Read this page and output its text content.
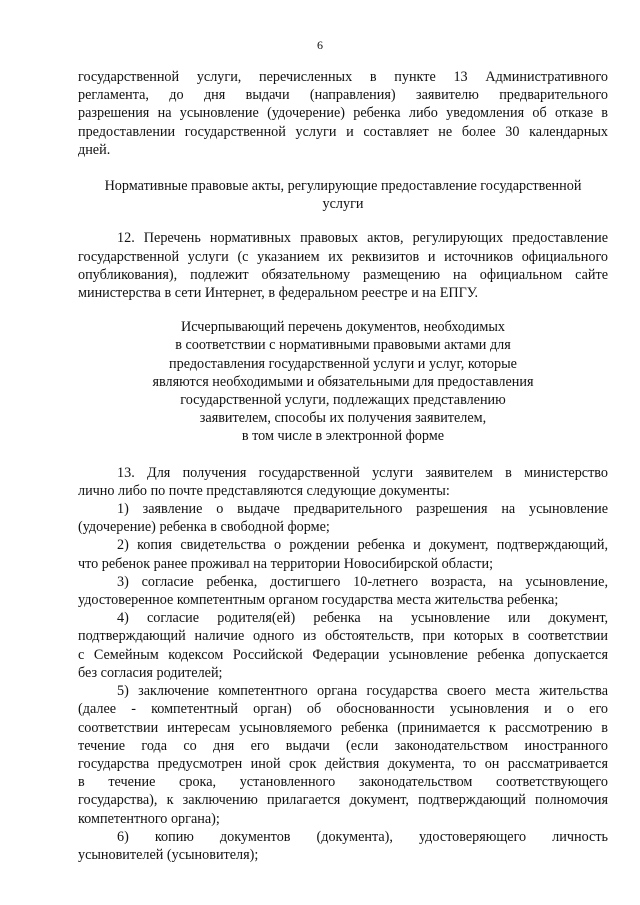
6

государственной услуги, перечисленных в пункте 13 Административного

регламента, до дня выдачи (направления) заявителю предварительного

разрешения на усыновление (удочерение) ребенка либо уведомления об отказе в

предоставлении государственной услуги и составляет не более 30 календарных

дней.

Нормативные правовые акты, регулирующие предоставление государственной

услуги

12. Перечень нормативных правовых актов, регулирующих предоставление

государственной услуги (с указанием их реквизитов и источников официального

опубликования), подлежит обязательному размещению на официальном сайте

министерства в сети Интернет, в федеральном реестре и на ЕПГУ.

Исчерпывающий перечень документов, необходимых

в соответствии с нормативными правовыми актами для

предоставления государственной услуги и услуг, которые

являются необходимыми и обязательными для предоставления

государственной услуги, подлежащих представлению

заявителем, способы их получения заявителем,

в том числе в электронной форме

13. Для получения государственной услуги заявителем в министерство

лично либо по почте представляются следующие документы:

1) заявление о выдаче предварительного разрешения на усыновление

(удочерение) ребенка в свободной форме;

2) копия свидетельства о рождении ребенка и документ, подтверждающий,

что ребенок ранее проживал на территории Новосибирской области;

3) согласие ребенка, достигшего 10-летнего возраста, на усыновление,

удостоверенное компетентным органом государства места жительства ребенка;

4) согласие родителя(ей) ребенка на усыновление или документ,

подтверждающий наличие одного из обстоятельств, при которых в соответствии

с Семейным кодексом Российской Федерации усыновление ребенка допускается

без согласия родителей;

5) заключение компетентного органа государства своего места жительства

(далее - компетентный орган) об обоснованности усыновления и о его

соответствии интересам усыновляемого ребенка (принимается к рассмотрению в

течение года со дня его выдачи (если законодательством иностранного

государства предусмотрен иной срок действия документа, то он рассматривается

в течение срока, установленного законодательством соответствующего

государства), к заключению прилагается документ, подтверждающий полномочия

компетентного органа);

6) копию документов (документа), удостоверяющего личность

усыновителей (усыновителя);
